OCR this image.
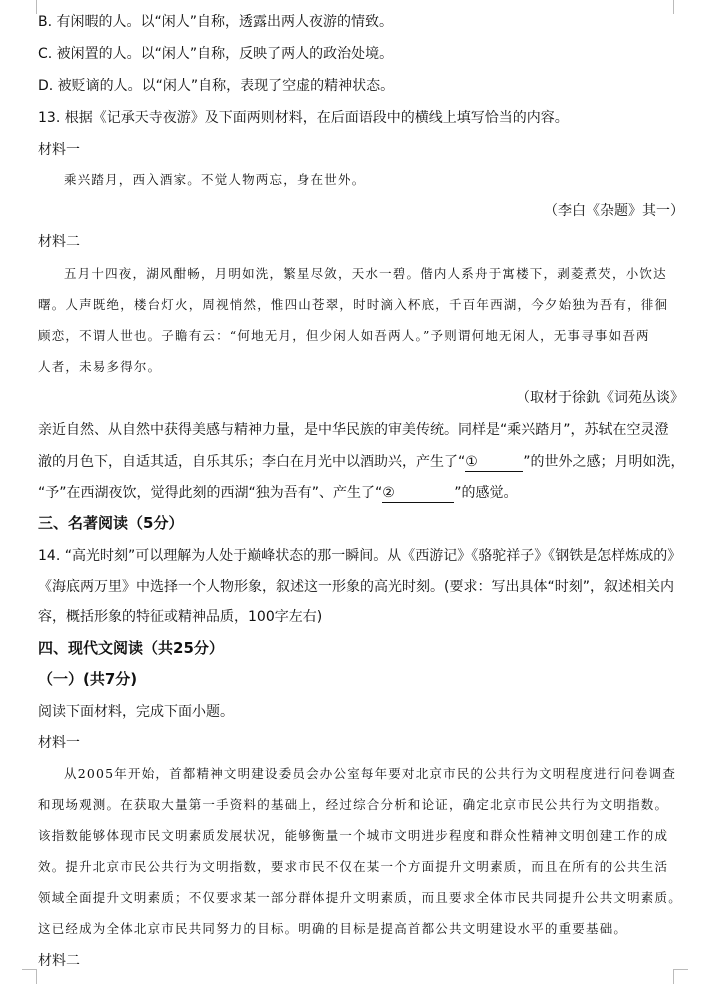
B. 有闲暇的人。以“闲人”自称，透露出两人夜游的情致。
C. 被闲置的人。以“闲人”自称，反映了两人的政治处境。
D. 被贬谪的人。以“闲人”自称，表现了空虚的精神状态。
13. 根据《记承天寺夜游》及下面两则材料，在后面语段中的横线上填写恰当的内容。
材料一
乘兴踏月，西入酒家。不觉人物两忘，身在世外。
（李白《杂题》其一）
材料二
五月十四夜，湖风酣畅，月明如洗，繁星尽敛，天水一碧。偕内人系舟于寓楼下，剥菱煮芡，小饮达
曙。人声既绝，楼台灯火，周视悄然，惟四山苍翠，时时滴入杯底，千百年西湖，今夕始独为吾有，徘徊
顾恋，不谓人世也。子瞻有云：“何地无月，但少闲人如吾两人。”予则谓何地无闲人，无事寻事如吾两
人者，未易多得尔。
（取材于徐釚《词苑丛谈》
亲近自然、从自然中获得美感与精神力量，是中华民族的审美传统。同样是“乘兴踏月”，苏轼在空灵澄
澈的月色下，自适其适，自乐其乐；李白在月光中以酒助兴，产生了“①	”的世外之感；月明如洗，
“予”在西湖夜饮，觉得此刻的西湖“独为吾有”、产生了“②	”的感觉。
三、名著阅读（5分）
14. “高光时刻”可以理解为人处于巅峰状态的那一瞬间。从《西游记》《骆驼祥子》《钢铁是怎样炼成的》
《海底两万里》中选择一个人物形象，叙述这一形象的高光时刻。(要求：写出具体“时刻”，叙述相关内
容，概括形象的特征或精神品质，100字左右)
四、现代文阅读（共25分）
（一）(共7分)
阅读下面材料，完成下面小题。
材料一
从2005年开始，首都精神文明建设委员会办公室每年要对北京市民的公共行为文明程度进行问卷调查
和现场观测。在获取大量第一手资料的基础上，经过综合分析和论证，确定北京市民公共行为文明指数。
该指数能够体现市民文明素质发展状况，能够衡量一个城市文明进步程度和群众性精神文明创建工作的成
效。提升北京市民公共行为文明指数，要求市民不仅在某一个方面提升文明素质，而且在所有的公共生活
领域全面提升文明素质；不仅要求某一部分群体提升文明素质，而且要求全体市民共同提升公共文明素质。
这已经成为全体北京市民共同努力的目标。明确的目标是提高首都公共文明建设水平的重要基础。
材料二
